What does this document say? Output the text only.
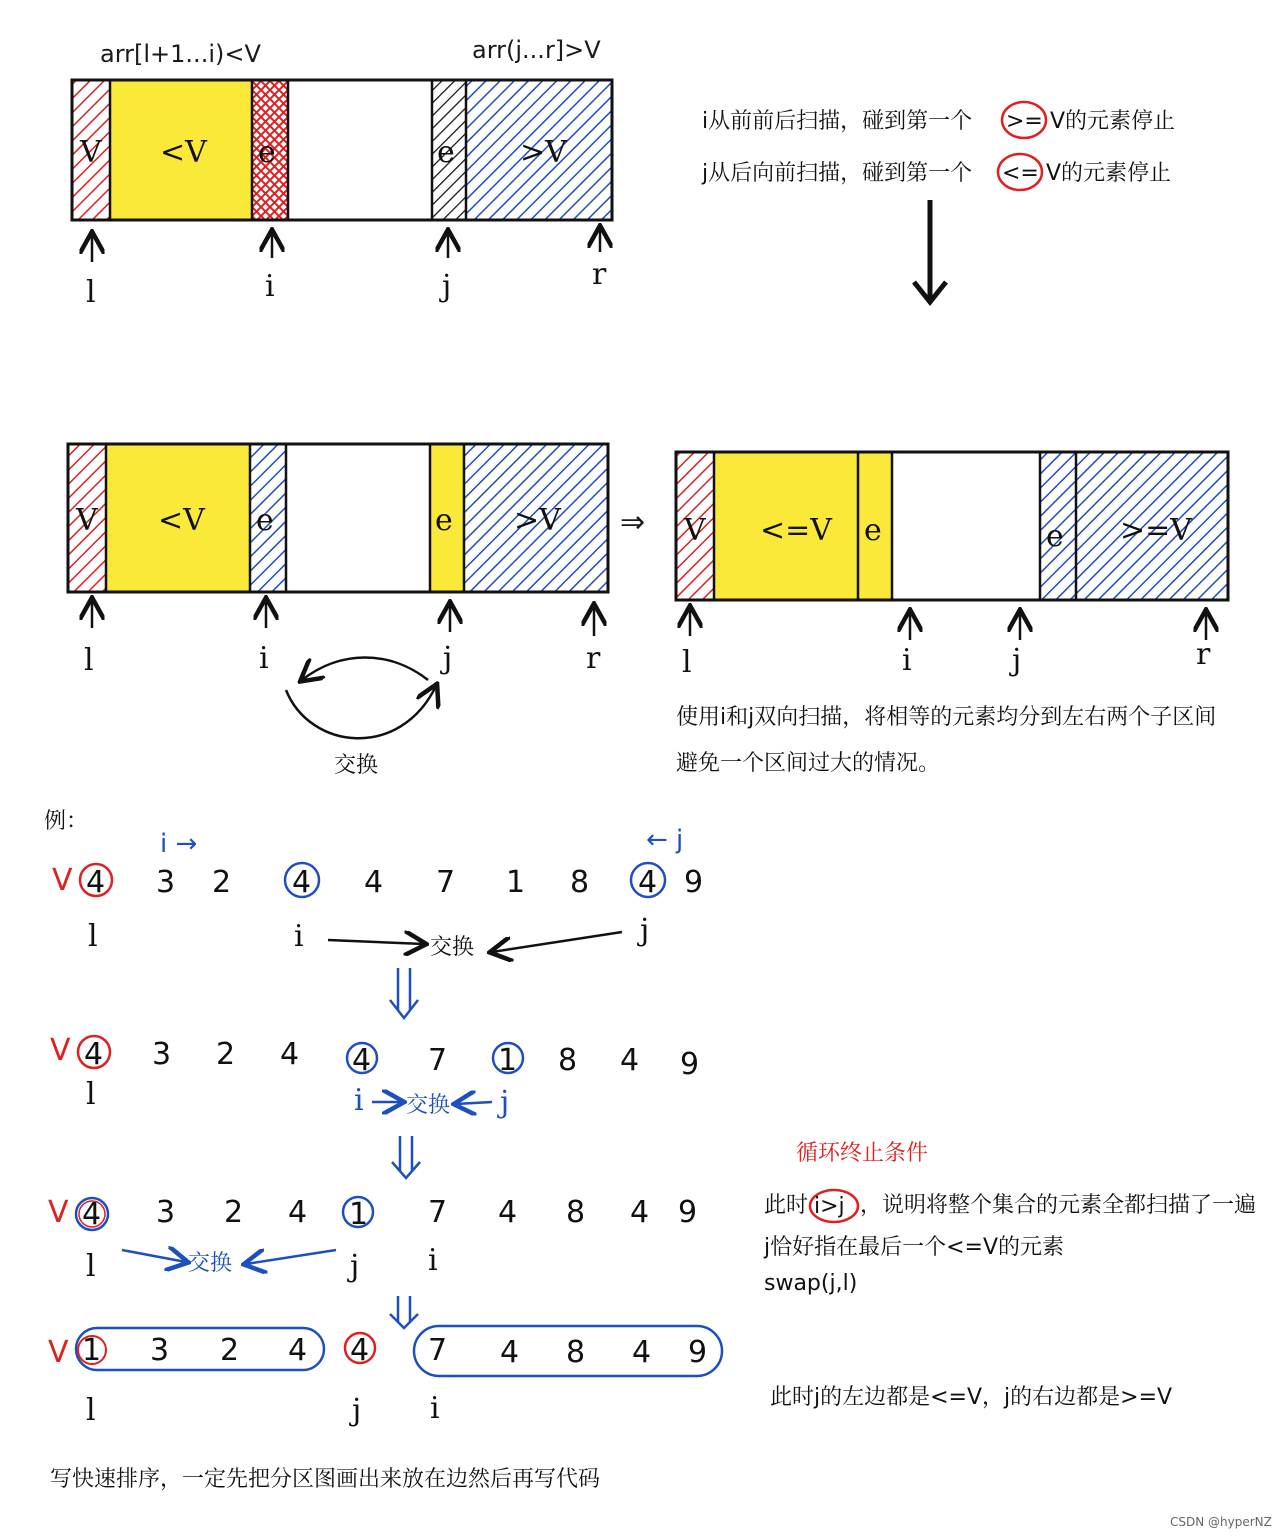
arr[l+1...i)<V	arr(j...r]>V
V <V e	e >V
l	i	j	r
i从前前后扫描，碰到第一个 >= V的元素停止
j从后向前扫描，碰到第一个 <= V的元素停止
V <V e	e >V
l	i	j	r
交换
⇒ V <=V e	e >=V
l	i	j	r
使用i和j双向扫描，将相等的元素均分到左右两个子区间
避免一个区间过大的情况。
例：
i →	← j
V 4 3 2 4 4 7 1 8 4 9
l	i	j
交换
V 4 3 2 4 4 7 1 8 4 9
l	i	j
交换
V 4 3 2 4 1 7 4 8 4 9
l	j i
交换
V 1 3 2 4 4 7 4 8 4 9
l	j i
循环终止条件
此时 i>j ，说明将整个集合的元素全都扫描了一遍
j恰好指在最后一个<=V的元素
swap(j,l)
此时j的左边都是<=V，j的右边都是>=V
写快速排序，一定先把分区图画出来放在边然后再写代码
CSDN @hyperNZ
